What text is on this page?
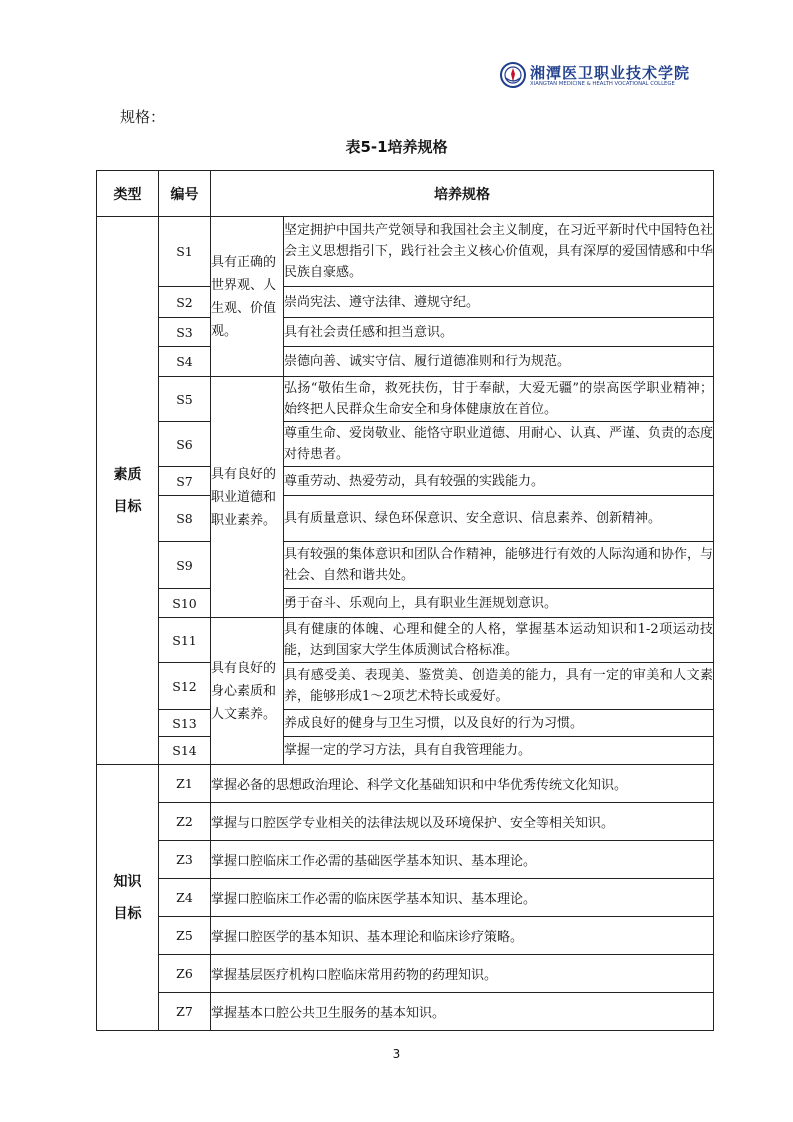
湘潭医卫职业技术学院
XIANGTAN MEDICINE & HEALTH VOCATIONAL COLLEGE
规格：
表5-1培养规格
类型	编号	培养规格	
素质
目标	S1	具有正确的世界观、人生观、价值观。	坚定拥护中国共产党领导和我国社会主义制度，在习近平新时代中国特色社会主义思想指引下，践行社会主义核心价值观，具有深厚的爱国情感和中华民族自豪感。
	S2		崇尚宪法、遵守法律、遵规守纪。
	S3		具有社会责任感和担当意识。
	S4		崇德向善、诚实守信、履行道德准则和行为规范。
	S5	具有良好的职业道德和职业素养。	弘扬“敬佑生命，救死扶伤，甘于奉献，大爱无疆”的崇高医学职业精神；始终把人民群众生命安全和身体健康放在首位。
	S6		尊重生命、爱岗敬业、能恪守职业道德、用耐心、认真、严谨、负责的态度对待患者。
	S7		尊重劳动、热爱劳动，具有较强的实践能力。
	S8		具有质量意识、绿色环保意识、安全意识、信息素养、创新精神。
	S9		具有较强的集体意识和团队合作精神，能够进行有效的人际沟通和协作，与社会、自然和谐共处。
	S10		勇于奋斗、乐观向上，具有职业生涯规划意识。
	S11	具有良好的身心素质和人文素养。	具有健康的体魄、心理和健全的人格，掌握基本运动知识和1-2项运动技能，达到国家大学生体质测试合格标准。
	S12		具有感受美、表现美、鉴赏美、创造美的能力，具有一定的审美和人文素养，能够形成1～2项艺术特长或爱好。
	S13		养成良好的健身与卫生习惯，以及良好的行为习惯。
	S14		掌握一定的学习方法，具有自我管理能力。
知识
目标	Z1	掌握必备的思想政治理论、科学文化基础知识和中华优秀传统文化知识。	
	Z2	掌握与口腔医学专业相关的法律法规以及环境保护、安全等相关知识。	
	Z3	掌握口腔临床工作必需的基础医学基本知识、基本理论。	
	Z4	掌握口腔临床工作必需的临床医学基本知识、基本理论。	
	Z5	掌握口腔医学的基本知识、基本理论和临床诊疗策略。	
	Z6	掌握基层医疗机构口腔临床常用药物的药理知识。	
	Z7	掌握基本口腔公共卫生服务的基本知识。	
3
